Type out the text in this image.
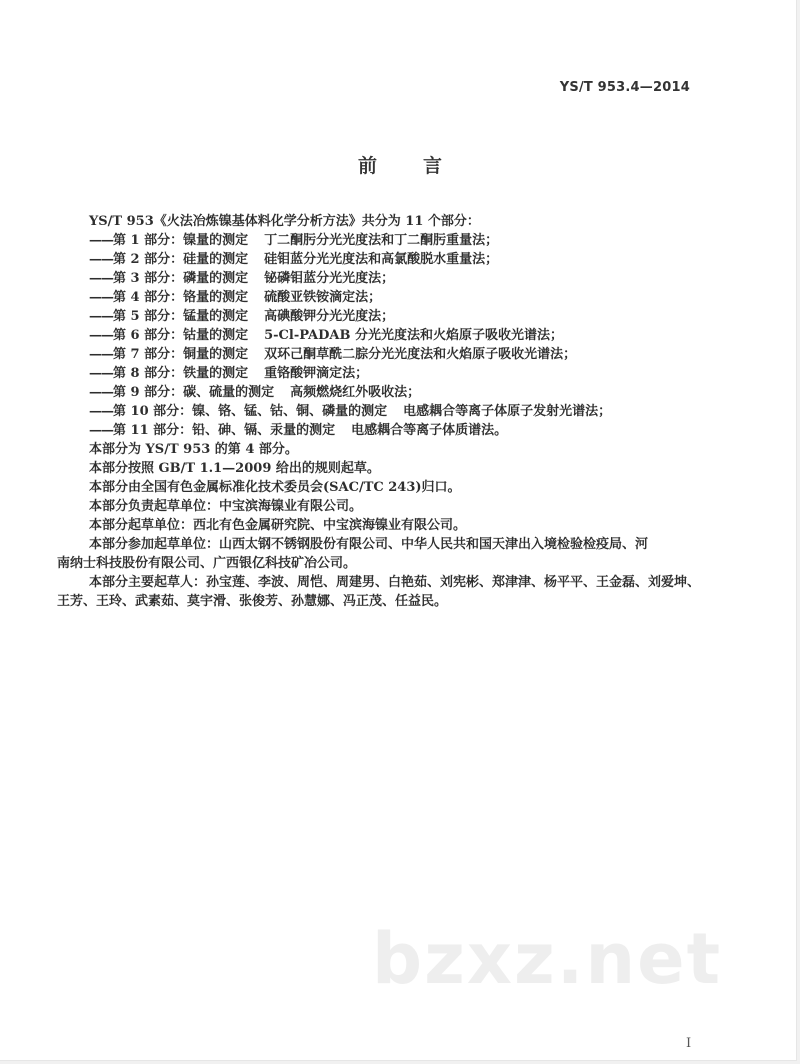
YS/T 953.4—2014
前 言
YS/T 953《火法冶炼镍基体料化学分析方法》共分为 11 个部分：
——第 1 部分：镍量的测定 丁二酮肟分光光度法和丁二酮肟重量法；
——第 2 部分：硅量的测定 硅钼蓝分光光度法和高氯酸脱水重量法；
——第 3 部分：磷量的测定 铋磷钼蓝分光光度法；
——第 4 部分：铬量的测定 硫酸亚铁铵滴定法；
——第 5 部分：锰量的测定 高碘酸钾分光光度法；
——第 6 部分：钴量的测定 5-Cl-PADAB 分光光度法和火焰原子吸收光谱法；
——第 7 部分：铜量的测定 双环己酮草酰二腙分光光度法和火焰原子吸收光谱法；
——第 8 部分：铁量的测定 重铬酸钾滴定法；
——第 9 部分：碳、硫量的测定 高频燃烧红外吸收法；
——第 10 部分：镍、铬、锰、钴、铜、磷量的测定 电感耦合等离子体原子发射光谱法；
——第 11 部分：铅、砷、镉、汞量的测定 电感耦合等离子体质谱法。
本部分为 YS/T 953 的第 4 部分。
本部分按照 GB/T 1.1—2009 给出的规则起草。
本部分由全国有色金属标准化技术委员会(SAC/TC 243)归口。
本部分负责起草单位：中宝滨海镍业有限公司。
本部分起草单位：西北有色金属研究院、中宝滨海镍业有限公司。
本部分参加起草单位：山西太钢不锈钢股份有限公司、中华人民共和国天津出入境检验检疫局、河
南纳士科技股份有限公司、广西银亿科技矿冶公司。
本部分主要起草人：孙宝莲、李波、周恺、周建男、白艳茹、刘宪彬、郑津津、杨平平、王金磊、刘爱坤、
王芳、王玲、武素茹、莫宇滑、张俊芳、孙慧娜、冯正茂、任益民。
bzxz.net
I
